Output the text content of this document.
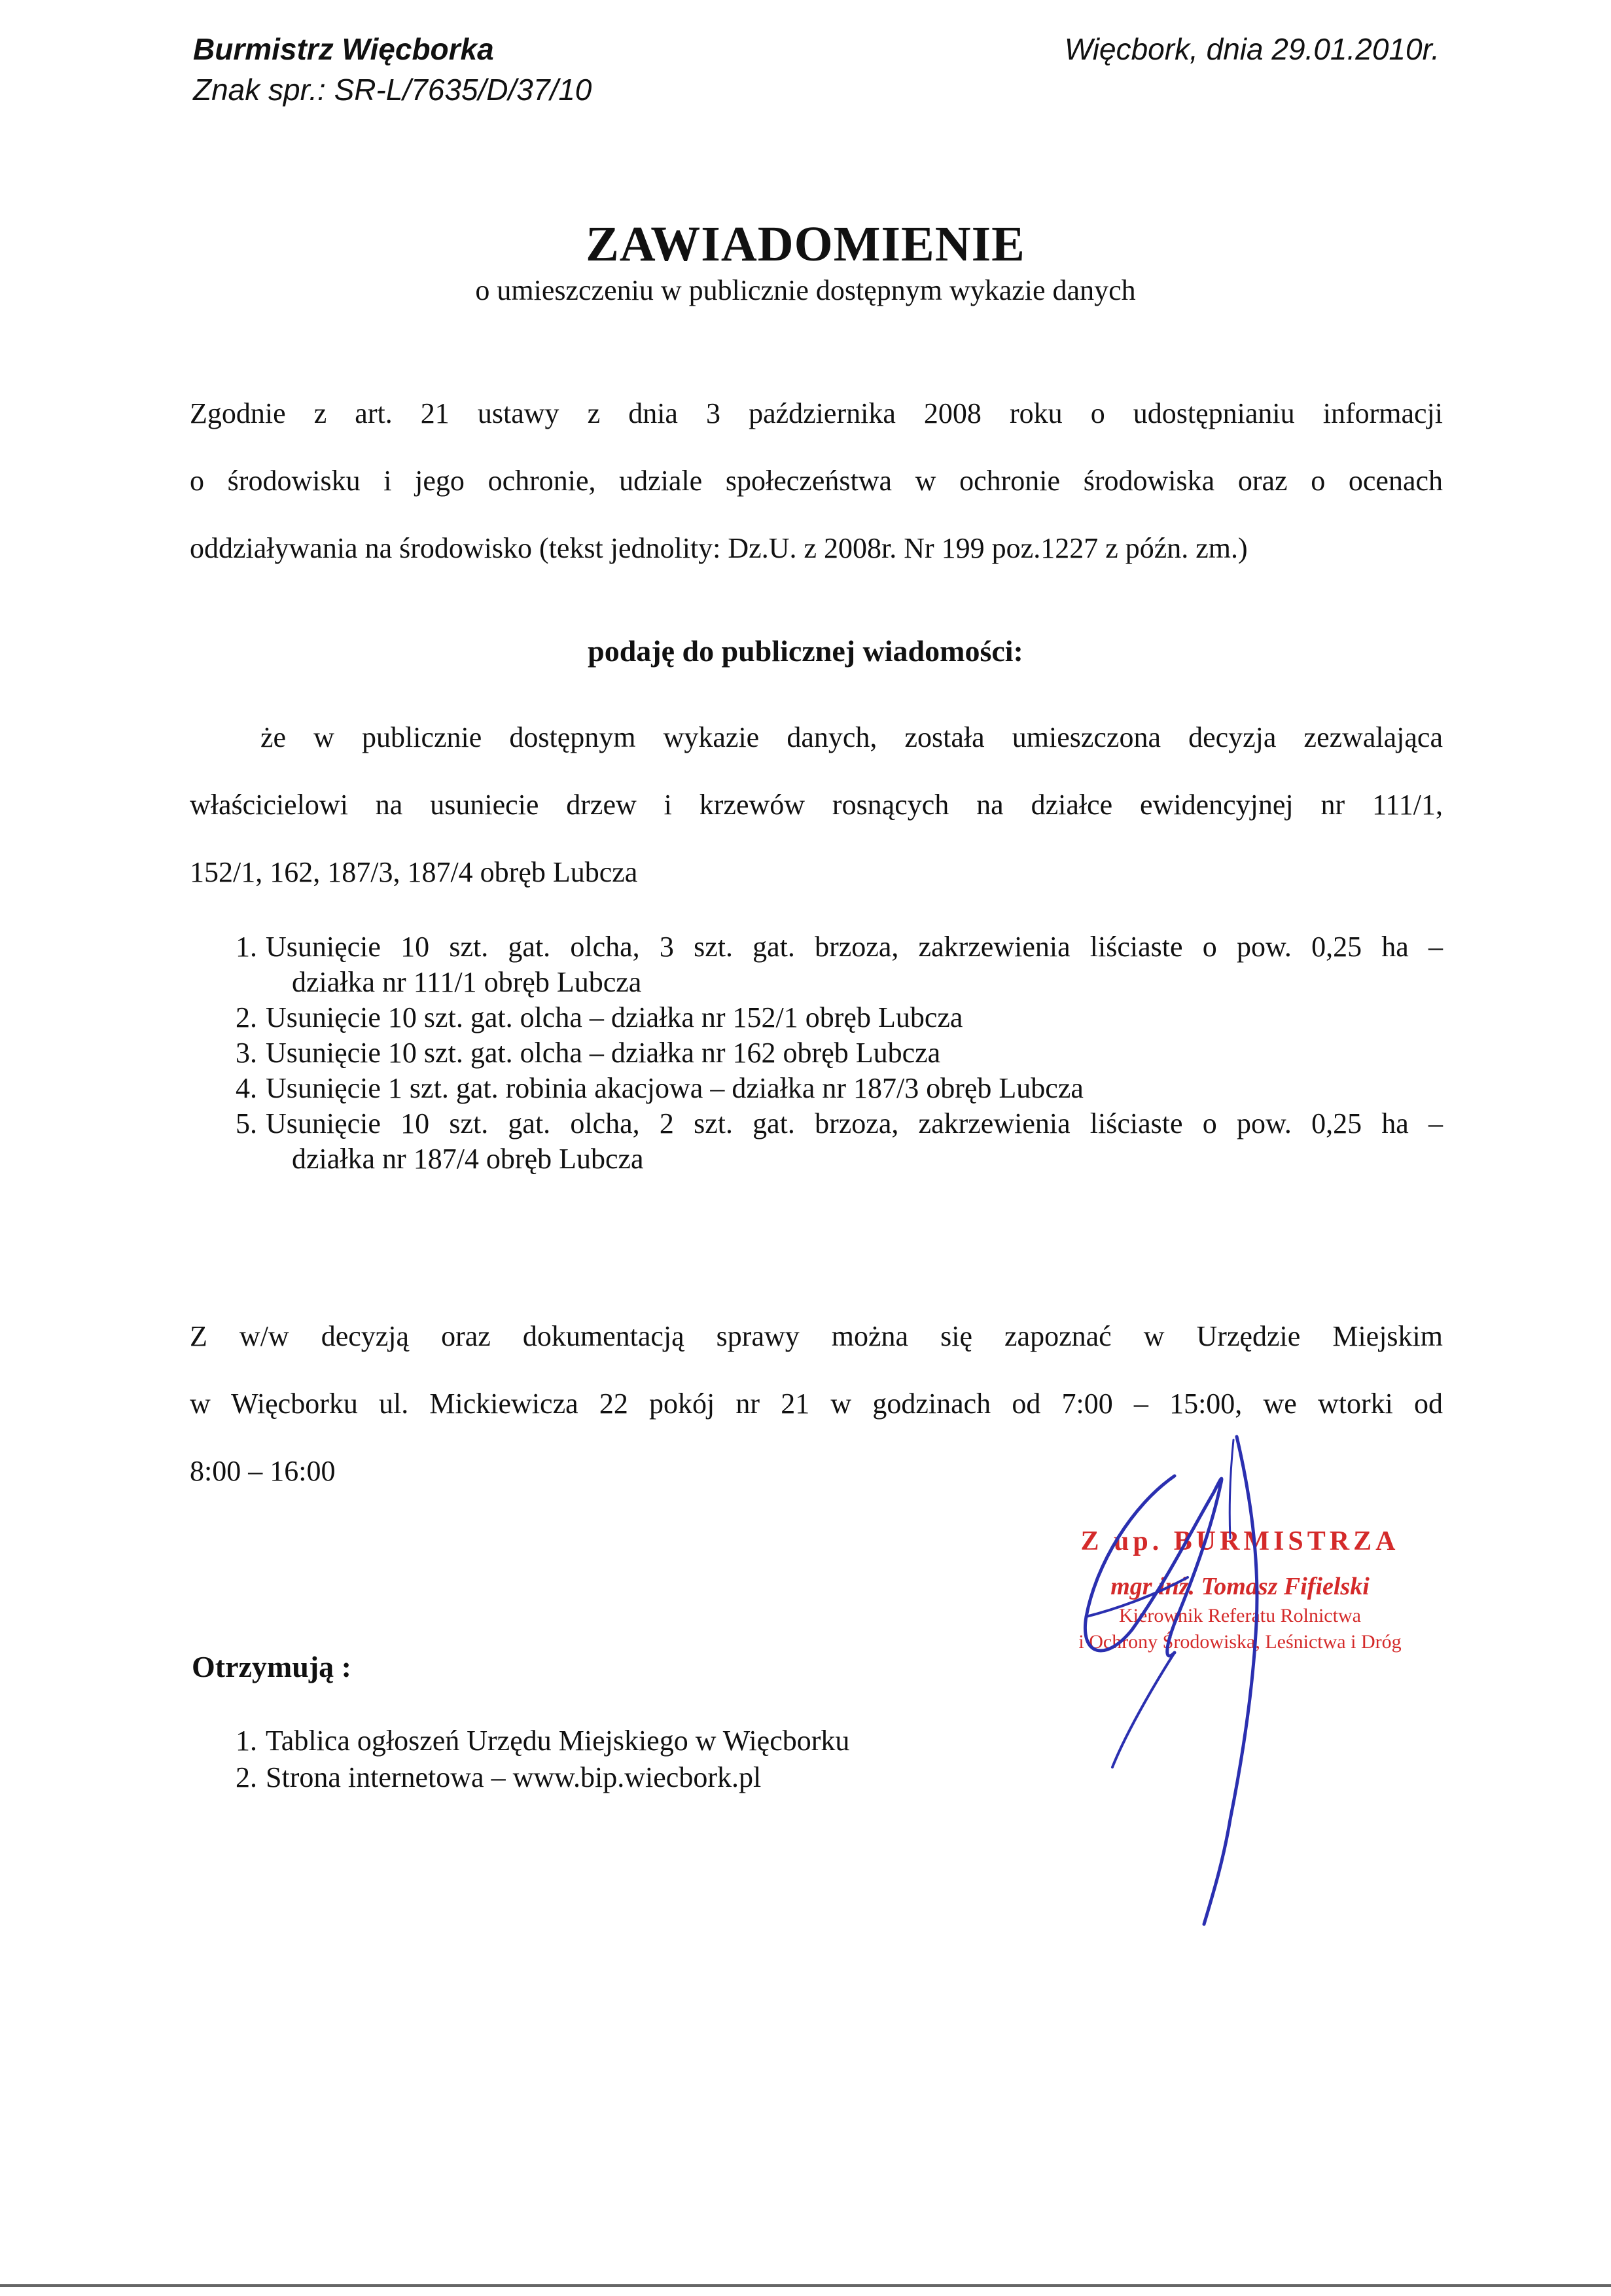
Burmistrz Więcborka
Znak spr.: SR-L/7635/D/37/10
Więcbork, dnia 29.01.2010r.
ZAWIADOMIENIE
o umieszczeniu w publicznie dostępnym wykazie danych
Zgodnie z art. 21 ustawy z dnia 3 października 2008 roku o udostępnianiu informacji
o środowisku i jego ochronie, udziale społeczeństwa w ochronie środowiska oraz o ocenach
oddziaływania na środowisko (tekst jednolity: Dz.U. z 2008r. Nr 199 poz.1227 z późn. zm.)
podaję do publicznej wiadomości:
że w publicznie dostępnym wykazie danych, została umieszczona decyzja zezwalająca
właścicielowi na usuniecie drzew i krzewów rosnących na działce ewidencyjnej nr 111/1,
152/1, 162, 187/3, 187/4 obręb Lubcza
1. Usunięcie 10 szt. gat. olcha, 3 szt. gat. brzoza, zakrzewienia liściaste o pow. 0,25 ha –
działka nr 111/1 obręb Lubcza
2. Usunięcie 10 szt. gat. olcha – działka nr 152/1 obręb Lubcza
3. Usunięcie 10 szt. gat. olcha – działka nr 162 obręb Lubcza
4. Usunięcie 1 szt. gat. robinia akacjowa – działka nr 187/3 obręb Lubcza
5. Usunięcie 10 szt. gat. olcha, 2 szt. gat. brzoza, zakrzewienia liściaste o pow. 0,25 ha –
działka nr 187/4 obręb Lubcza
Z w/w decyzją oraz dokumentacją sprawy można się zapoznać w Urzędzie Miejskim
w Więcborku ul. Mickiewicza 22 pokój nr 21 w godzinach od 7:00 – 15:00, we wtorki od
8:00 – 16:00
Z up. BURMISTRZA
mgr inż. Tomasz Fifielski
Kierownik Referatu Rolnictwa
i Ochrony Środowiska, Leśnictwa i Dróg
Otrzymują :
1. Tablica ogłoszeń Urzędu Miejskiego w Więcborku
2. Strona internetowa – www.bip.wiecbork.pl
